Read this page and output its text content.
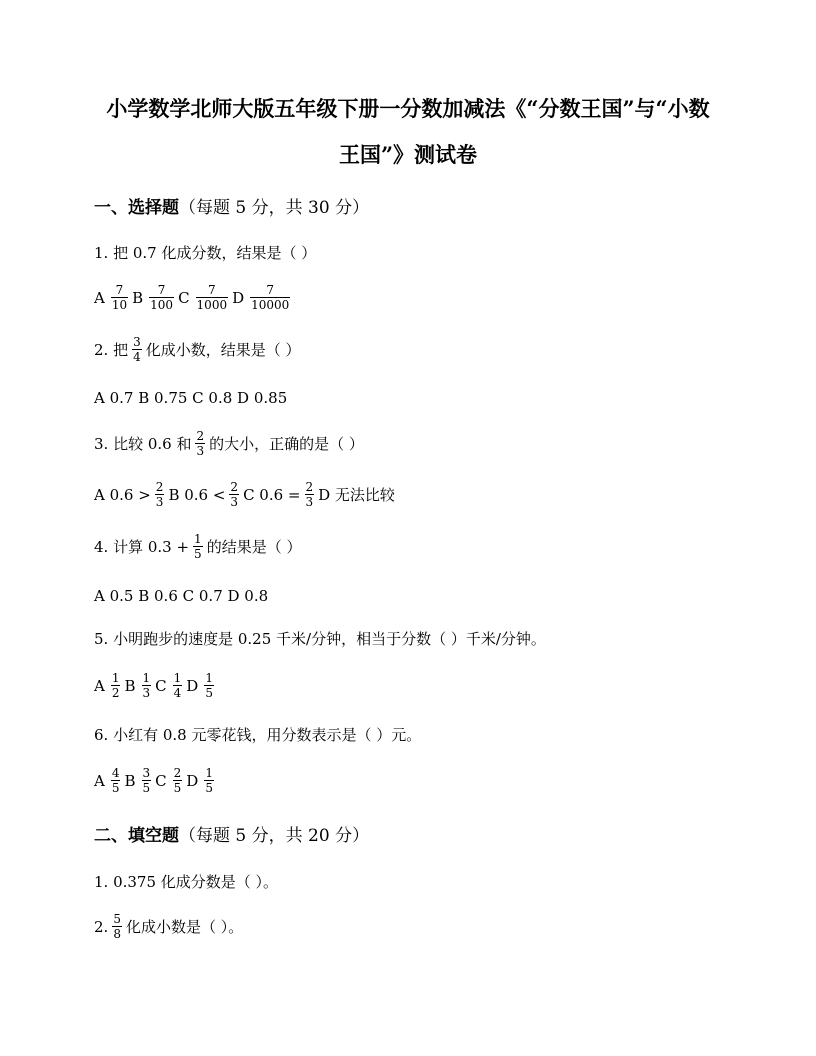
小学数学北师大版五年级下册一分数加减法《“分数王国”与“小数
王国”》测试卷
一、选择题（每题 5 分，共 30 分）
1. 把 0.7 化成分数，结果是（ ）
A $\frac{7}{10}$ B $\frac{7}{100}$ C $\frac{7}{1000}$ D $\frac{7}{10000}$
2. 把 $\frac{3}{4}$ 化成小数，结果是（ ）
A 0.7 B 0.75 C 0.8 D 0.85
3. 比较 0.6 和 $\frac{2}{3}$ 的大小，正确的是（ ）
A $0.6 > \frac{2}{3}$ B $0.6 < \frac{2}{3}$ C $0.6 = \frac{2}{3}$ D 无法比较
4. 计算 $0.3 + \frac{1}{5}$ 的结果是（ ）
A 0.5 B 0.6 C 0.7 D 0.8
5. 小明跑步的速度是 0.25 千米/分钟，相当于分数（ ）千米/分钟。
A $\frac{1}{2}$ B $\frac{1}{3}$ C $\frac{1}{4}$ D $\frac{1}{5}$
6. 小红有 0.8 元零花钱，用分数表示是（ ）元。
A $\frac{4}{5}$ B $\frac{3}{5}$ C $\frac{2}{5}$ D $\frac{1}{5}$
二、填空题（每题 5 分，共 20 分）
1. 0.375 化成分数是（ ）。
2. $\frac{5}{8}$ 化成小数是（ ）。
